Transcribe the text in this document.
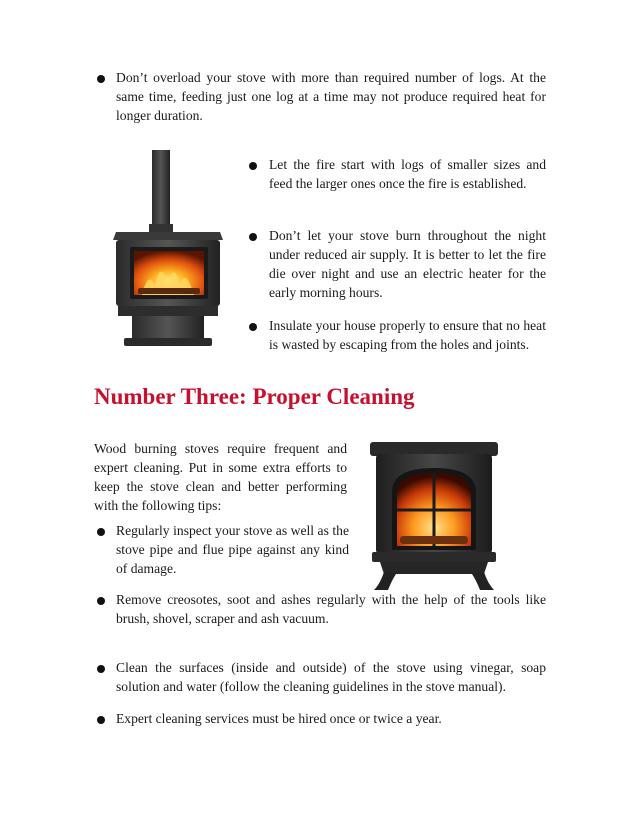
Don’t overload your stove with more than required number of logs. At the same time, feeding just one log at a time may not produce required heat for longer duration.
Let the fire start with logs of smaller sizes and feed the larger ones once the fire is established.
Don’t let your stove burn throughout the night under reduced air supply. It is better to let the fire die over night and use an electric heater for the early morning hours.
Insulate your house properly to ensure that no heat is wasted by escaping from the holes and joints.
Number Three: Proper Cleaning
Wood burning stoves require frequent and expert cleaning. Put in some extra efforts to keep the stove clean and better performing with the following tips:
Regularly inspect your stove as well as the stove pipe and flue pipe against any kind of damage.
Remove creosotes, soot and ashes regularly with the help of the tools like brush, shovel, scraper and ash vacuum.
Clean the surfaces (inside and outside) of the stove using vinegar, soap solution and water (follow the cleaning guidelines in the stove manual).
Expert cleaning services must be hired once or twice a year.
